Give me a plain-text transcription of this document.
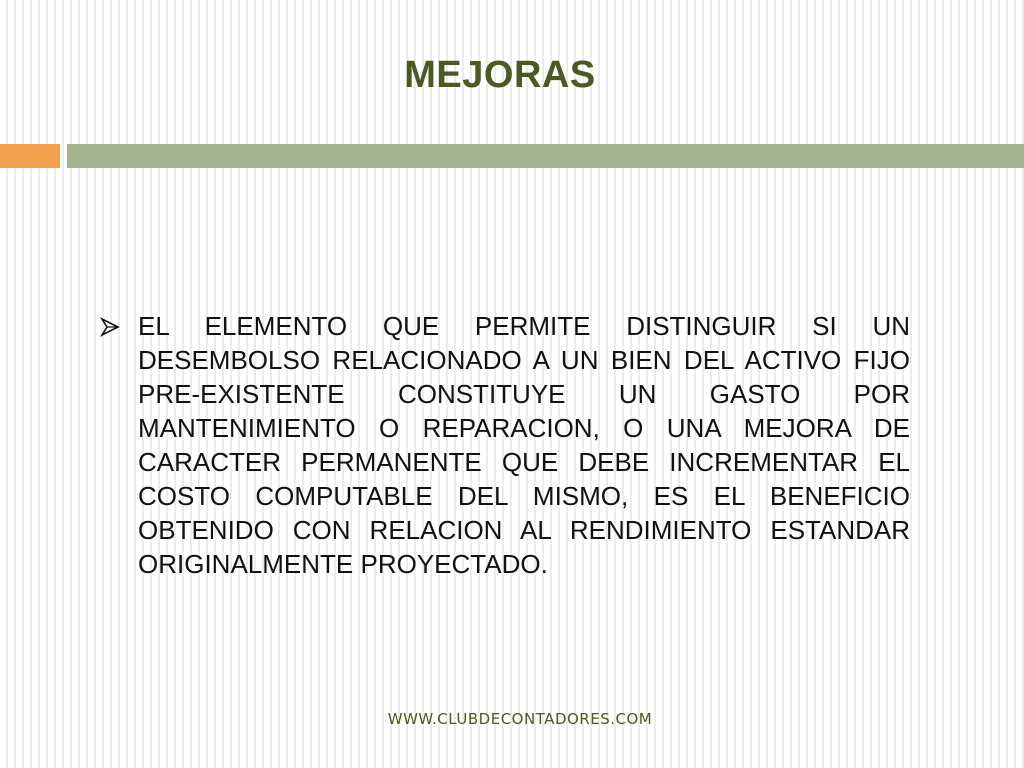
MEJORAS

EL ELEMENTO QUE PERMITE DISTINGUIR SI UN DESEMBOLSO RELACIONADO A UN BIEN DEL ACTIVO FIJO PRE-EXISTENTE CONSTITUYE UN GASTO POR MANTENIMIENTO O REPARACION, O UNA MEJORA DE CARACTER PERMANENTE QUE DEBE INCREMENTAR EL COSTO COMPUTABLE DEL MISMO, ES EL BENEFICIO OBTENIDO CON RELACION AL RENDIMIENTO ESTANDAR ORIGINALMENTE PROYECTADO.

WWW.CLUBDECONTADORES.COM
